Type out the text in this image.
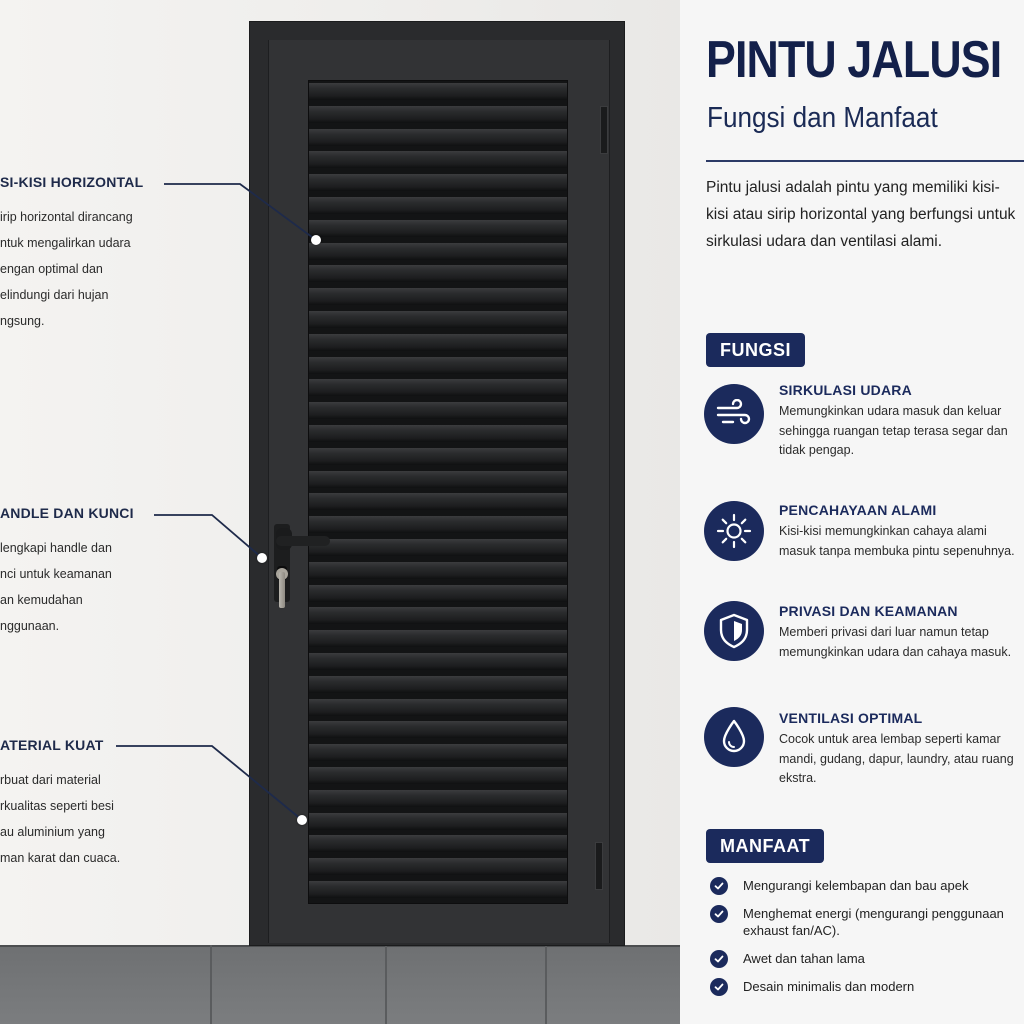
SI-KISI HORIZONTAL
irip horizontal dirancang
ntuk mengalirkan udara
engan optimal dan
elindungi dari hujan
ngsung.
ANDLE DAN KUNCI
lengkapi handle dan
nci untuk keamanan
an kemudahan
nggunaan.
ATERIAL KUAT
rbuat dari material
rkualitas seperti besi
au aluminium yang
man karat dan cuaca.
PINTU JALUSI
Fungsi dan Manfaat
Pintu jalusi adalah pintu yang memiliki kisi-kisi atau sirip horizontal yang berfungsi untuk sirkulasi udara dan ventilasi alami.
FUNGSI
SIRKULASI UDARA
Memungkinkan udara masuk dan keluar sehingga ruangan tetap terasa segar dan tidak pengap.
PENCAHAYAAN ALAMI
Kisi-kisi memungkinkan cahaya alami masuk tanpa membuka pintu sepenuhnya.
PRIVASI DAN KEAMANAN
Memberi privasi dari luar namun tetap memungkinkan udara dan cahaya masuk.
VENTILASI OPTIMAL
Cocok untuk area lembap seperti kamar mandi, gudang, dapur, laundry, atau ruang ekstra.
MANFAAT
Mengurangi kelembapan dan bau apek
Menghemat energi (mengurangi penggunaan exhaust fan/AC).
Awet dan tahan lama
Desain minimalis dan modern
